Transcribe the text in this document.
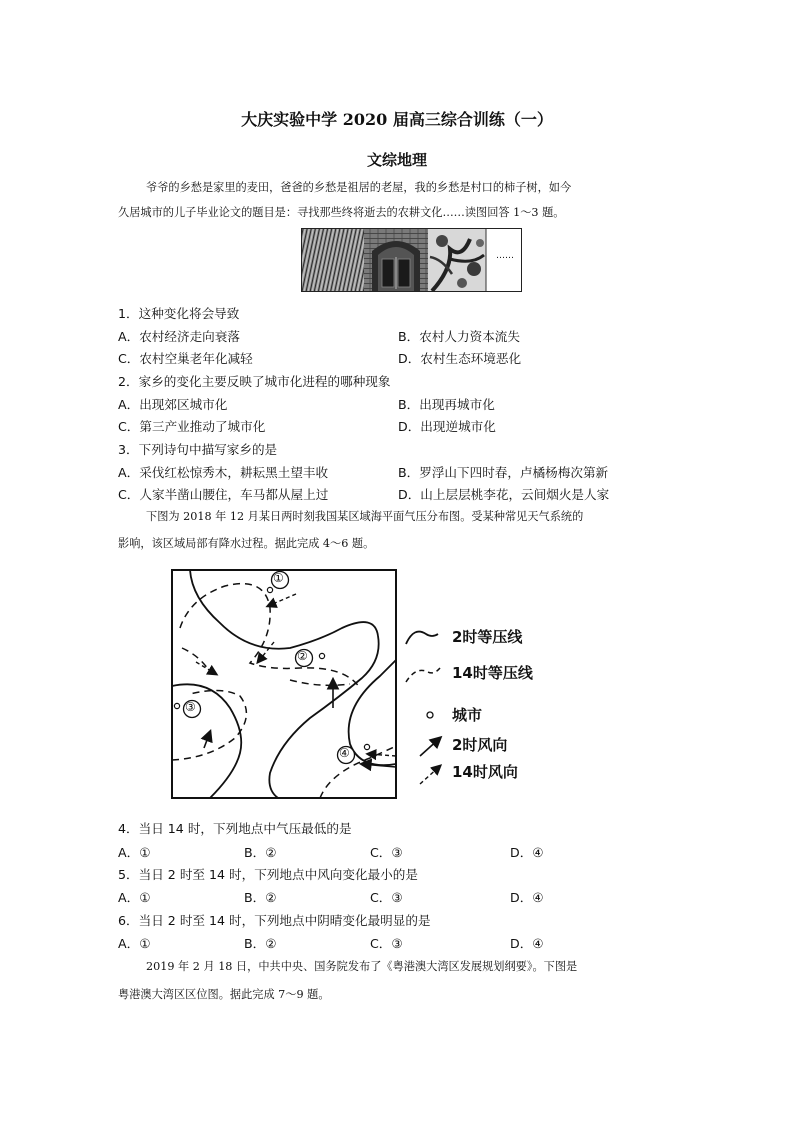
大庆实验中学 2020 届高三综合训练（一）
文综地理
爷爷的乡愁是家里的麦田，爸爸的乡愁是祖居的老屋，我的乡愁是村口的柿子树，如今
久居城市的儿子毕业论文的题目是：寻找那些终将逝去的农耕文化……读图回答 1～3 题。
……
1．这种变化将会导致
A．农村经济走向衰落	B．农村人力资本流失
C．农村空巢老年化减轻	D．农村生态环境恶化
2．家乡的变化主要反映了城市化进程的哪种现象
A．出现郊区城市化	B．出现再城市化
C．第三产业推动了城市化	D．出现逆城市化
3．下列诗句中描写家乡的是
A．采伐红松惊秀木，耕耘黑土望丰收	B．罗浮山下四时春，卢橘杨梅次第新
C．人家半凿山腰住，车马都从屋上过	D．山上层层桃李花，云间烟火是人家
下图为 2018 年 12 月某日两时刻我国某区域海平面气压分布图。受某种常见天气系统的
影响，该区域局部有降水过程。据此完成 4～6 题。
①
②
③
④
2时等压线
14时等压线
城市
2时风向
14时风向
4．当日 14 时，下列地点中气压最低的是
A．①	B．②	C．③	D．④
5．当日 2 时至 14 时，下列地点中风向变化最小的是
A．①	B．②	C．③	D．④
6．当日 2 时至 14 时，下列地点中阴晴变化最明显的是
A．①	B．②	C．③	D．④
2019 年 2 月 18 日，中共中央、国务院发布了《粤港澳大湾区发展规划纲要》。下图是
粤港澳大湾区区位图。据此完成 7～9 题。
